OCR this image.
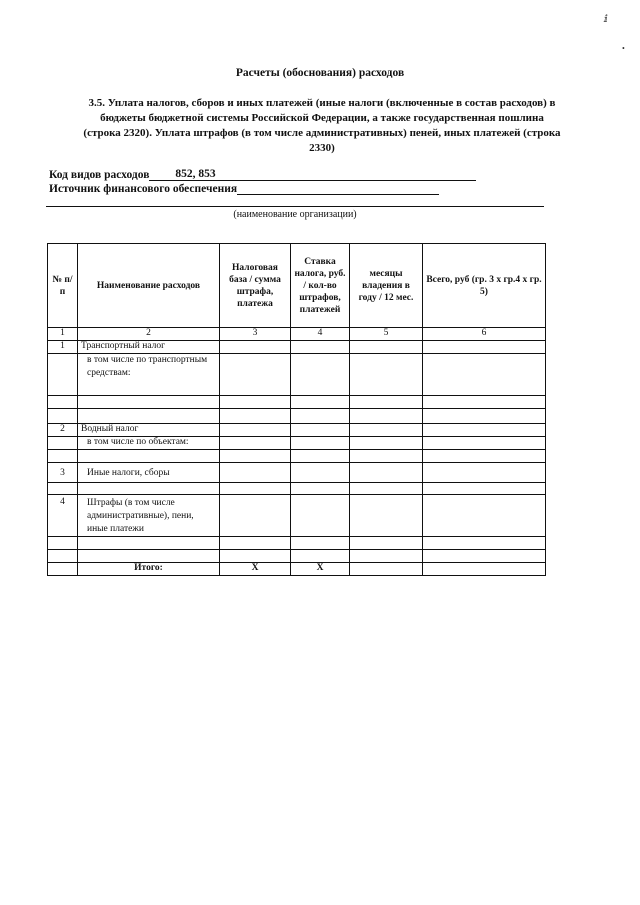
Расчеты (обоснования) расходов
3.5. Уплата налогов, сборов и иных платежей (иные налоги (включенные в состав расходов) в
бюджеты бюджетной системы Российской Федерации, а также государственная пошлина
(строка 2320). Уплата штрафов (в том числе административных) пеней, иных платежей (строка
2330)
Код видов расходов 852, 853
Источник финансового обеспечения
(наименование организации)
№ п/п	Наименование расходов	Налоговая база / сумма штрафа, платежа	Ставка налога, руб. / кол-во штрафов, платежей	месяцы владения в году / 12 мес.	Всего, руб (гр. 3 х гр.4 х гр. 5)
1	2	3	4	5	6
1	Транспортный налог				
	в том числе по транспортным средствам:				

2	Водный налог				
	в том числе по объектам:				

3	Иные налоги, сборы				

4	Штрафы (в том числе административные), пени, иные платежи				

	Итого:	Х	Х		
ⅈ
•
